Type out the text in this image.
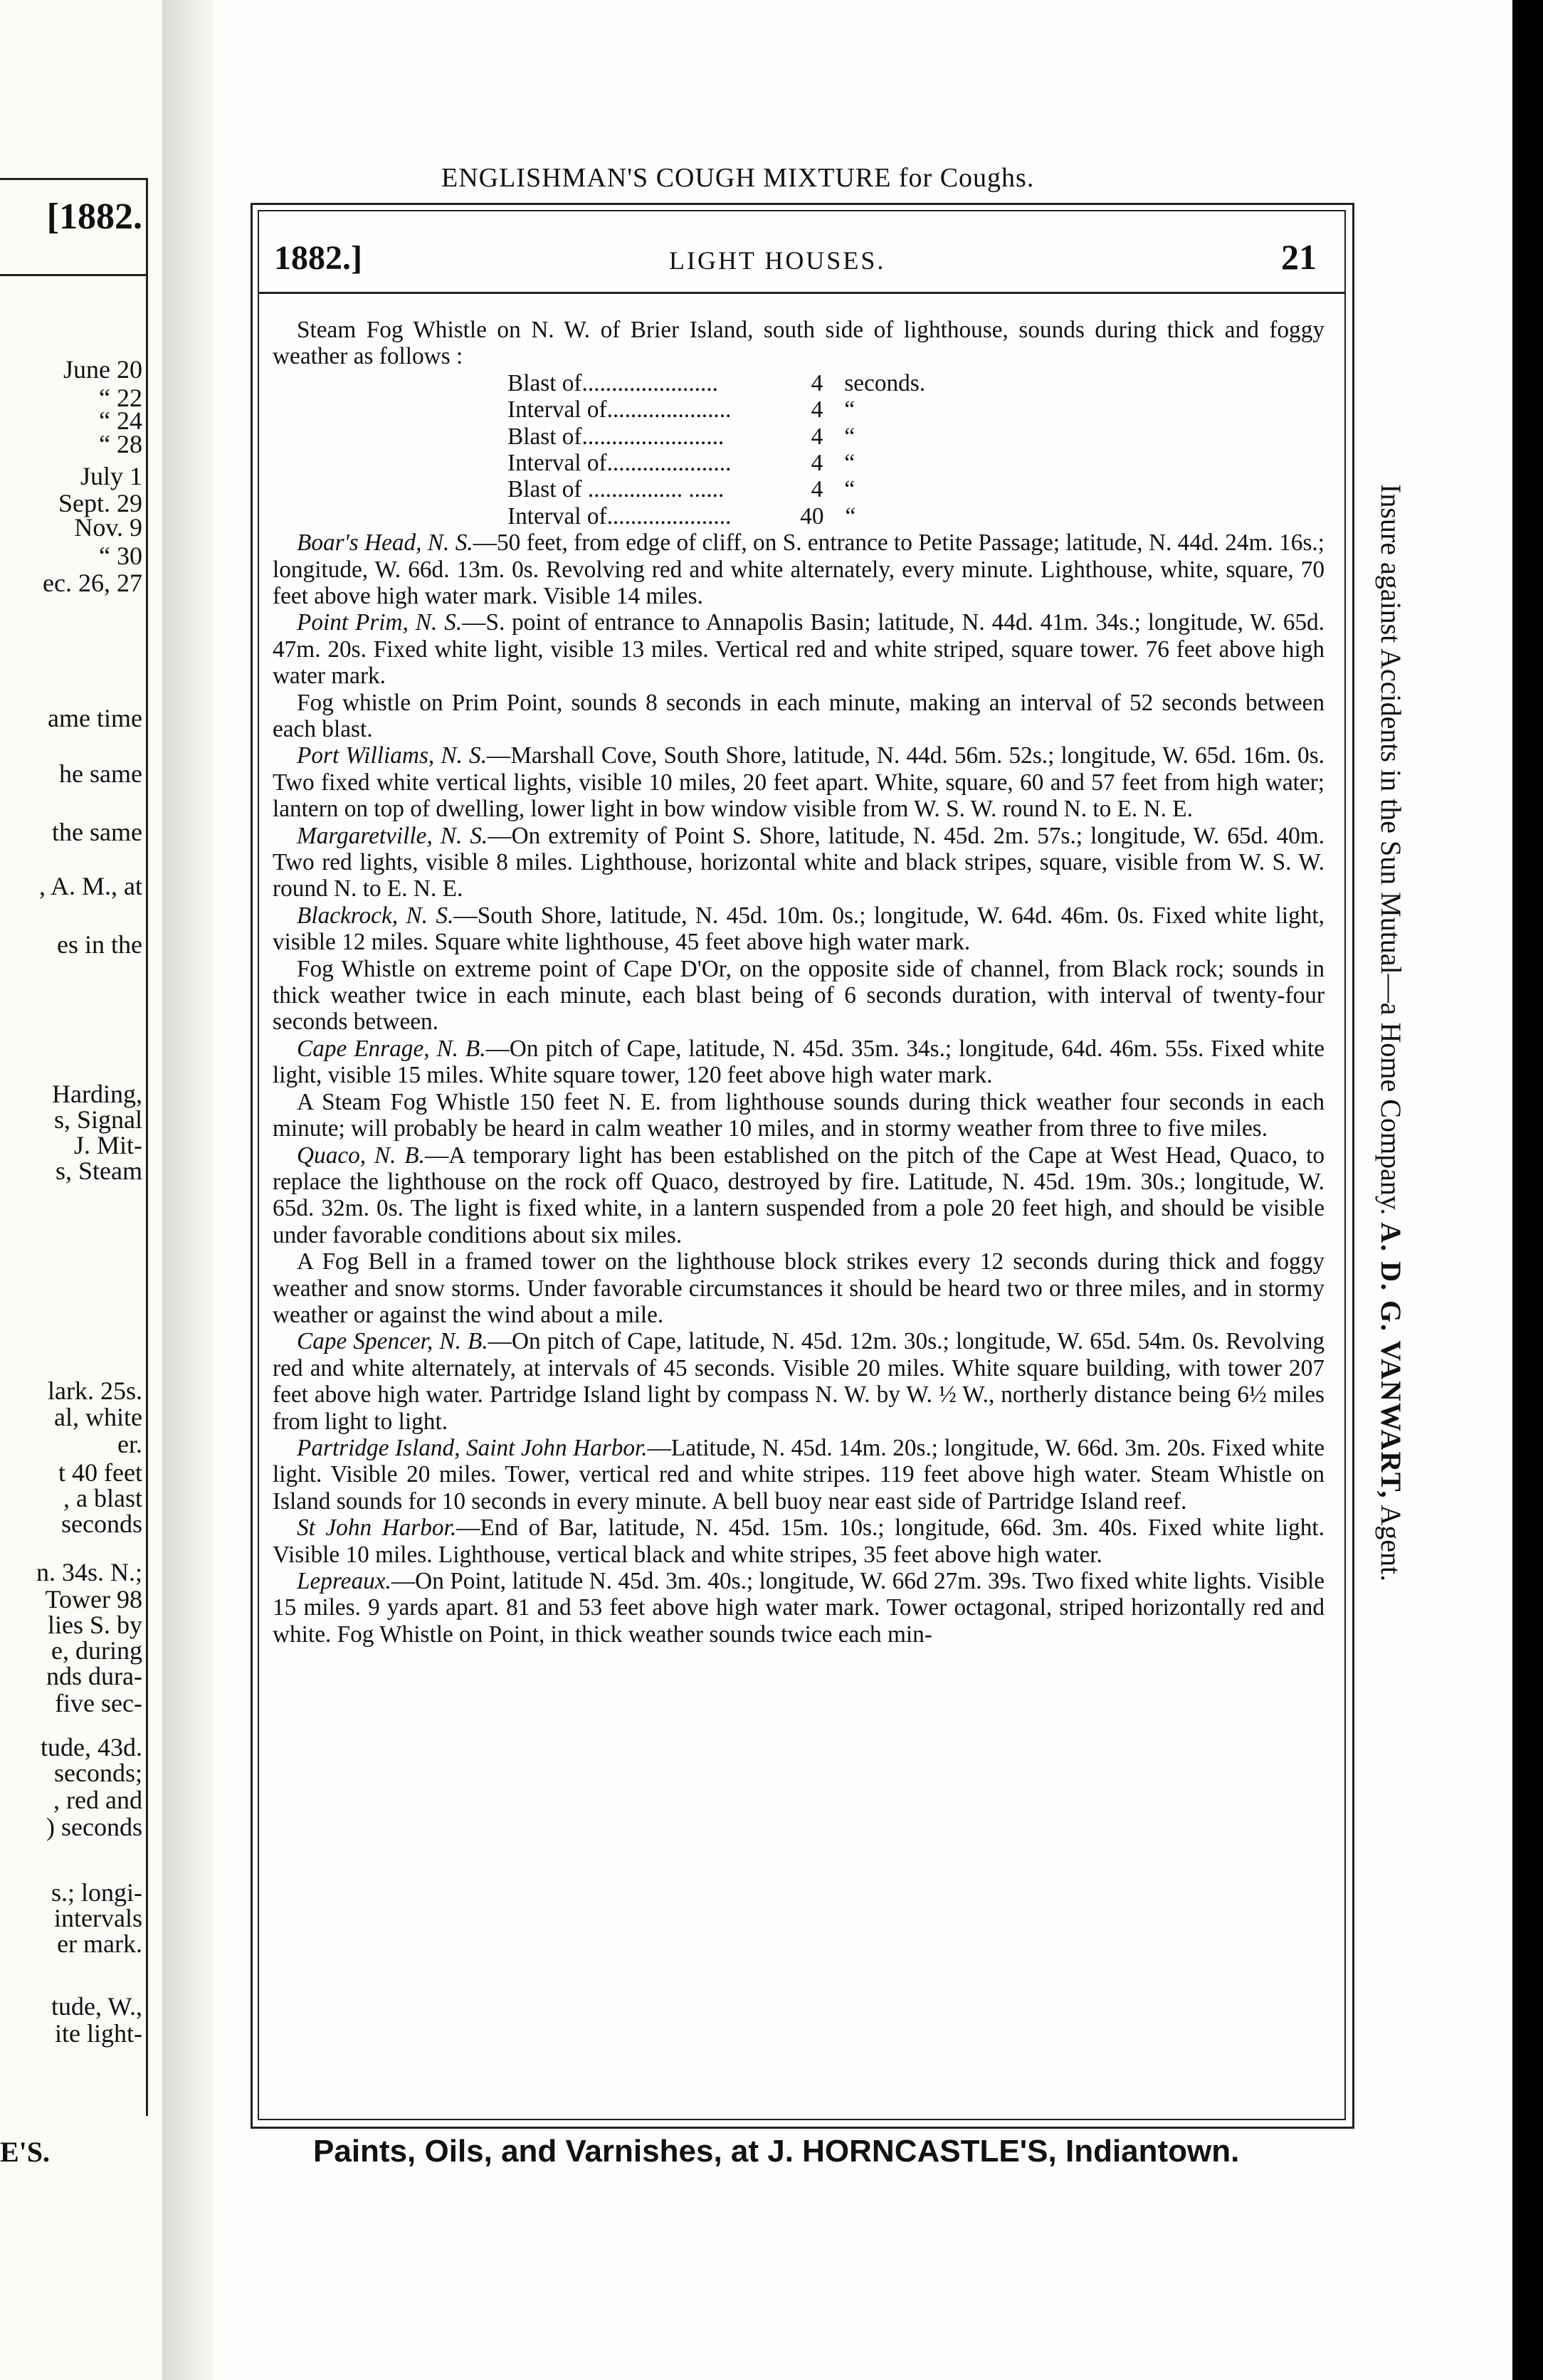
[1882.
June 20
“ 22
“ 24
“ 28
July 1
Sept. 29
Nov. 9
“ 30
ec. 26, 27
ame time
he same
the same
, A. M., at
es in the
Harding,
s, Signal
J. Mit-
s, Steam
lark. 25s.
al, white
er.
t 40 feet
, a blast
seconds
n. 34s. N.;
Tower 98
lies S. by
e, during
nds dura-
five sec-
tude, 43d.
seconds;
, red and
) seconds
s.; longi-
intervals
er mark.
tude, W.,
ite light-
E'S.
ENGLISHMAN'S COUGH MIXTURE for Coughs.
1882.]	LIGHT HOUSES.	21

Steam Fog Whistle on N. W. of Brier Island, south side of lighthouse, sounds during thick and foggy weather as follows :

Blast of.......................	4 seconds.
Interval of.....................	4 “
Blast of........................	4 “
Interval of.....................	4 “
Blast of ................ ......	4 “
Interval of.....................	40 “

Boar's Head, N. S.—50 feet, from edge of cliff, on S. entrance to Petite Passage; latitude, N. 44d. 24m. 16s.; longitude, W. 66d. 13m. 0s. Revolving red and white alternately, every minute. Lighthouse, white, square, 70 feet above high water mark. Visible 14 miles.

Point Prim, N. S.—S. point of entrance to Annapolis Basin; latitude, N. 44d. 41m. 34s.; longitude, W. 65d. 47m. 20s. Fixed white light, visible 13 miles. Vertical red and white striped, square tower. 76 feet above high water mark.

Fog whistle on Prim Point, sounds 8 seconds in each minute, making an interval of 52 seconds between each blast.

Port Williams, N. S.—Marshall Cove, South Shore, latitude, N. 44d. 56m. 52s.; longitude, W. 65d. 16m. 0s. Two fixed white vertical lights, visible 10 miles, 20 feet apart. White, square, 60 and 57 feet from high water; lantern on top of dwelling, lower light in bow window visible from W. S. W. round N. to E. N. E.

Margaretville, N. S.—On extremity of Point S. Shore, latitude, N. 45d. 2m. 57s.; longitude, W. 65d. 40m. Two red lights, visible 8 miles. Lighthouse, horizontal white and black stripes, square, visible from W. S. W. round N. to E. N. E.

Blackrock, N. S.—South Shore, latitude, N. 45d. 10m. 0s.; longitude, W. 64d. 46m. 0s. Fixed white light, visible 12 miles. Square white lighthouse, 45 feet above high water mark.

Fog Whistle on extreme point of Cape D'Or, on the opposite side of channel, from Black rock; sounds in thick weather twice in each minute, each blast being of 6 seconds duration, with interval of twenty-four seconds between.

Cape Enrage, N. B.—On pitch of Cape, latitude, N. 45d. 35m. 34s.; longitude, 64d. 46m. 55s. Fixed white light, visible 15 miles. White square tower, 120 feet above high water mark.

A Steam Fog Whistle 150 feet N. E. from lighthouse sounds during thick weather four seconds in each minute; will probably be heard in calm weather 10 miles, and in stormy weather from three to five miles.

Quaco, N. B.—A temporary light has been established on the pitch of the Cape at West Head, Quaco, to replace the lighthouse on the rock off Quaco, destroyed by fire. Latitude, N. 45d. 19m. 30s.; longitude, W. 65d. 32m. 0s. The light is fixed white, in a lantern suspended from a pole 20 feet high, and should be visible under favorable conditions about six miles.

A Fog Bell in a framed tower on the lighthouse block strikes every 12 seconds during thick and foggy weather and snow storms. Under favorable circumstances it should be heard two or three miles, and in stormy weather or against the wind about a mile.

Cape Spencer, N. B.—On pitch of Cape, latitude, N. 45d. 12m. 30s.; longitude, W. 65d. 54m. 0s. Revolving red and white alternately, at intervals of 45 seconds. Visible 20 miles. White square building, with tower 207 feet above high water. Partridge Island light by compass N. W. by W. ½ W., northerly distance being 6½ miles from light to light.

Partridge Island, Saint John Harbor.—Latitude, N. 45d. 14m. 20s.; longitude, W. 66d. 3m. 20s. Fixed white light. Visible 20 miles. Tower, vertical red and white stripes. 119 feet above high water. Steam Whistle on Island sounds for 10 seconds in every minute. A bell buoy near east side of Partridge Island reef.

St John Harbor.—End of Bar, latitude, N. 45d. 15m. 10s.; longitude, 66d. 3m. 40s. Fixed white light. Visible 10 miles. Lighthouse, vertical black and white stripes, 35 feet above high water.

Lepreaux.—On Point, latitude N. 45d. 3m. 40s.; longitude, W. 66d 27m. 39s. Two fixed white lights. Visible 15 miles. 9 yards apart. 81 and 53 feet above high water mark. Tower octagonal, striped horizontally red and white. Fog Whistle on Point, in thick weather sounds twice each min-

Insure against Accidents in the Sun Mutual—a Home Company. A. D. G. VANWART, Agent.
Paints, Oils, and Varnishes, at J. HORNCASTLE'S, Indiantown.
